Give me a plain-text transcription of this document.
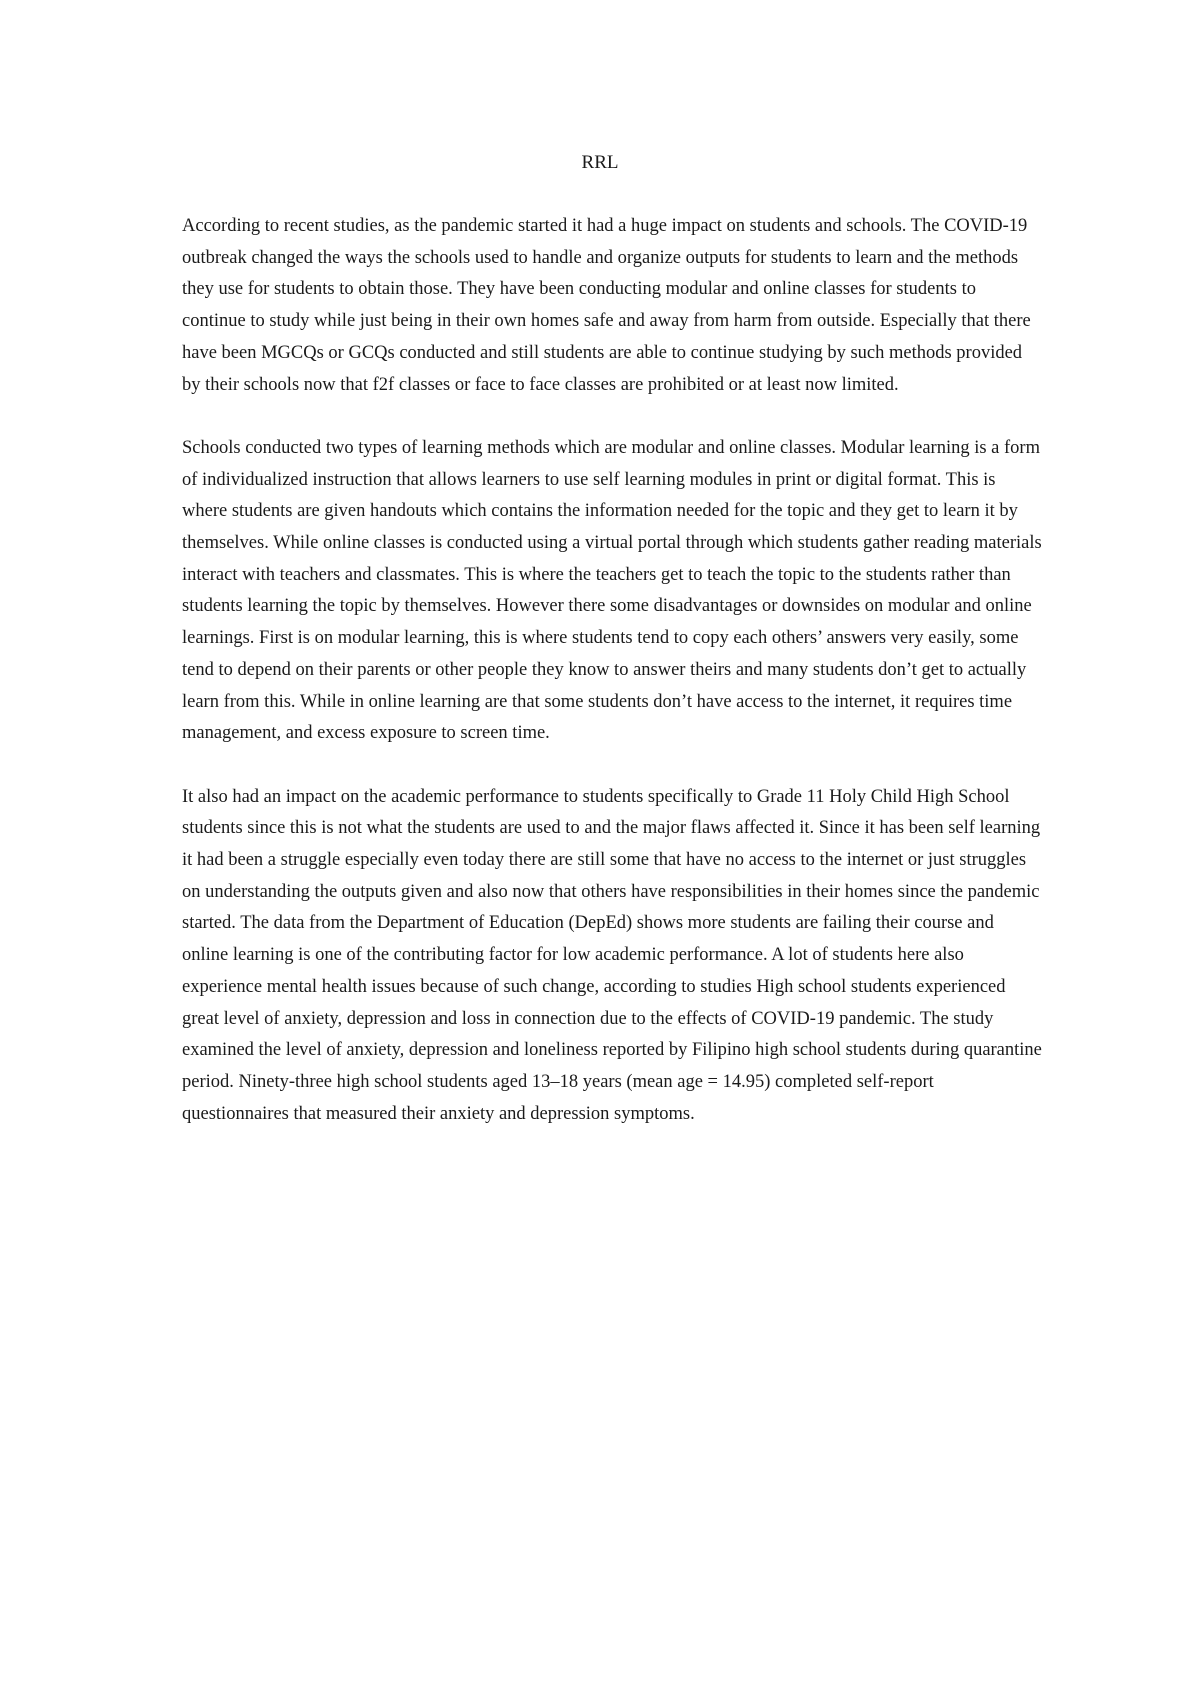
RRL

According to recent studies, as the pandemic started it had a huge impact on students and schools. The COVID-19 outbreak changed the ways the schools used to handle and organize outputs for students to learn and the methods they use for students to obtain those. They have been conducting modular and online classes for students to continue to study while just being in their own homes safe and away from harm from outside. Especially that there have been MGCQs or GCQs conducted and still students are able to continue studying by such methods provided by their schools now that f2f classes or face to face classes are prohibited or at least now limited.

Schools conducted two types of learning methods which are modular and online classes. Modular learning is a form of individualized instruction that allows learners to use self learning modules in print or digital format. This is where students are given handouts which contains the information needed for the topic and they get to learn it by themselves. While online classes is conducted using a virtual portal through which students gather reading materials interact with teachers and classmates. This is where the teachers get to teach the topic to the students rather than students learning the topic by themselves. However there some disadvantages or downsides on modular and online learnings. First is on modular learning, this is where students tend to copy each others’ answers very easily, some tend to depend on their parents or other people they know to answer theirs and many students don’t get to actually learn from this. While in online learning are that some students don’t have access to the internet, it requires time management, and excess exposure to screen time.

It also had an impact on the academic performance to students specifically to Grade 11 Holy Child High School students since this is not what the students are used to and the major flaws affected it. Since it has been self learning it had been a struggle especially even today there are still some that have no access to the internet or just struggles on understanding the outputs given and also now that others have responsibilities in their homes since the pandemic started. The data from the Department of Education (DepEd) shows more students are failing their course and online learning is one of the contributing factor for low academic performance. A lot of students here also experience mental health issues because of such change, according to studies High school students experienced great level of anxiety, depression and loss in connection due to the effects of COVID-19 pandemic. The study examined the level of anxiety, depression and loneliness reported by Filipino high school students during quarantine period. Ninety-three high school students aged 13–18 years (mean age = 14.95) completed self-report questionnaires that measured their anxiety and depression symptoms.
